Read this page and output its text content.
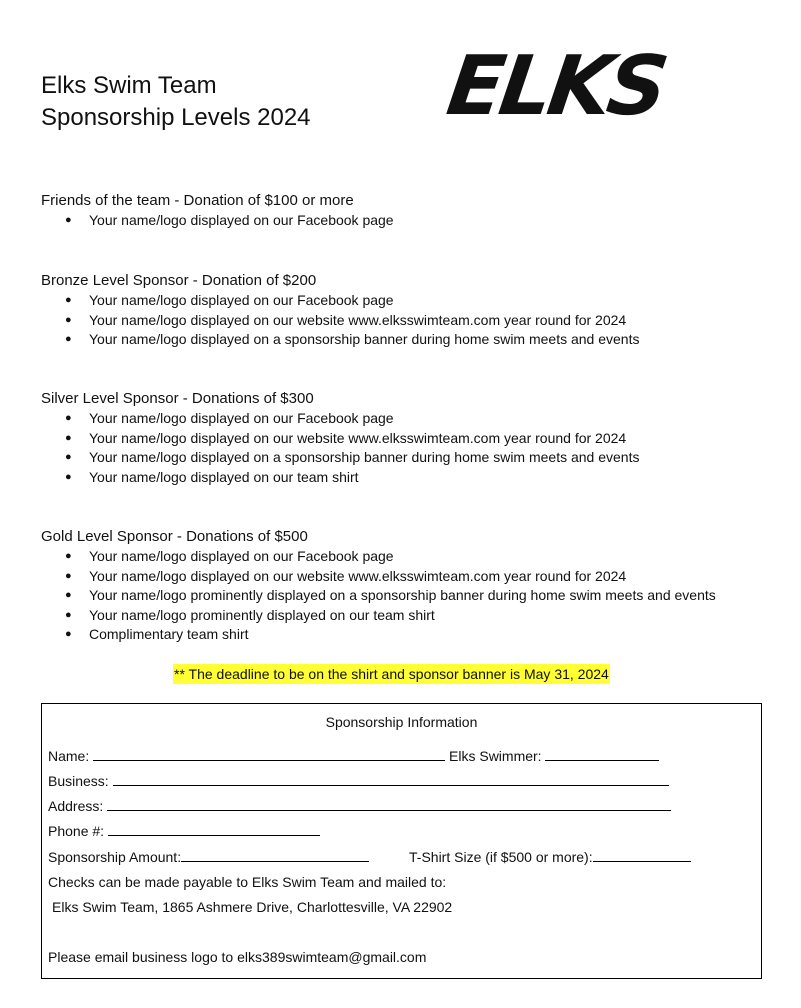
Elks Swim Team
Sponsorship Levels 2024 ELKS

Friends of the team - Donation of $100 or more

● Your name/logo displayed on our Facebook page

Bronze Level Sponsor - Donation of $200

● Your name/logo displayed on our Facebook page
● Your name/logo displayed on our website www.elksswimteam.com year round for 2024
● Your name/logo displayed on a sponsorship banner during home swim meets and events

Silver Level Sponsor - Donations of $300

● Your name/logo displayed on our Facebook page
● Your name/logo displayed on our website www.elksswimteam.com year round for 2024
● Your name/logo displayed on a sponsorship banner during home swim meets and events
● Your name/logo displayed on our team shirt

Gold Level Sponsor - Donations of $500

● Your name/logo displayed on our Facebook page
● Your name/logo displayed on our website www.elksswimteam.com year round for 2024
● Your name/logo prominently displayed on a sponsorship banner during home swim meets and events
● Your name/logo prominently displayed on our team shirt
● Complimentary team shirt
** The deadline to be on the shirt and sponsor banner is May 31, 2024
Sponsorship Information
Name:	Elks Swimmer:
Business:
Address:
Phone #:
Sponsorship Amount:	T-Shirt Size (if $500 or more):
Checks can be made payable to Elks Swim Team and mailed to:
Elks Swim Team, 1865 Ashmere Drive, Charlottesville, VA 22902
Please email business logo to elks389swimteam@gmail.com
